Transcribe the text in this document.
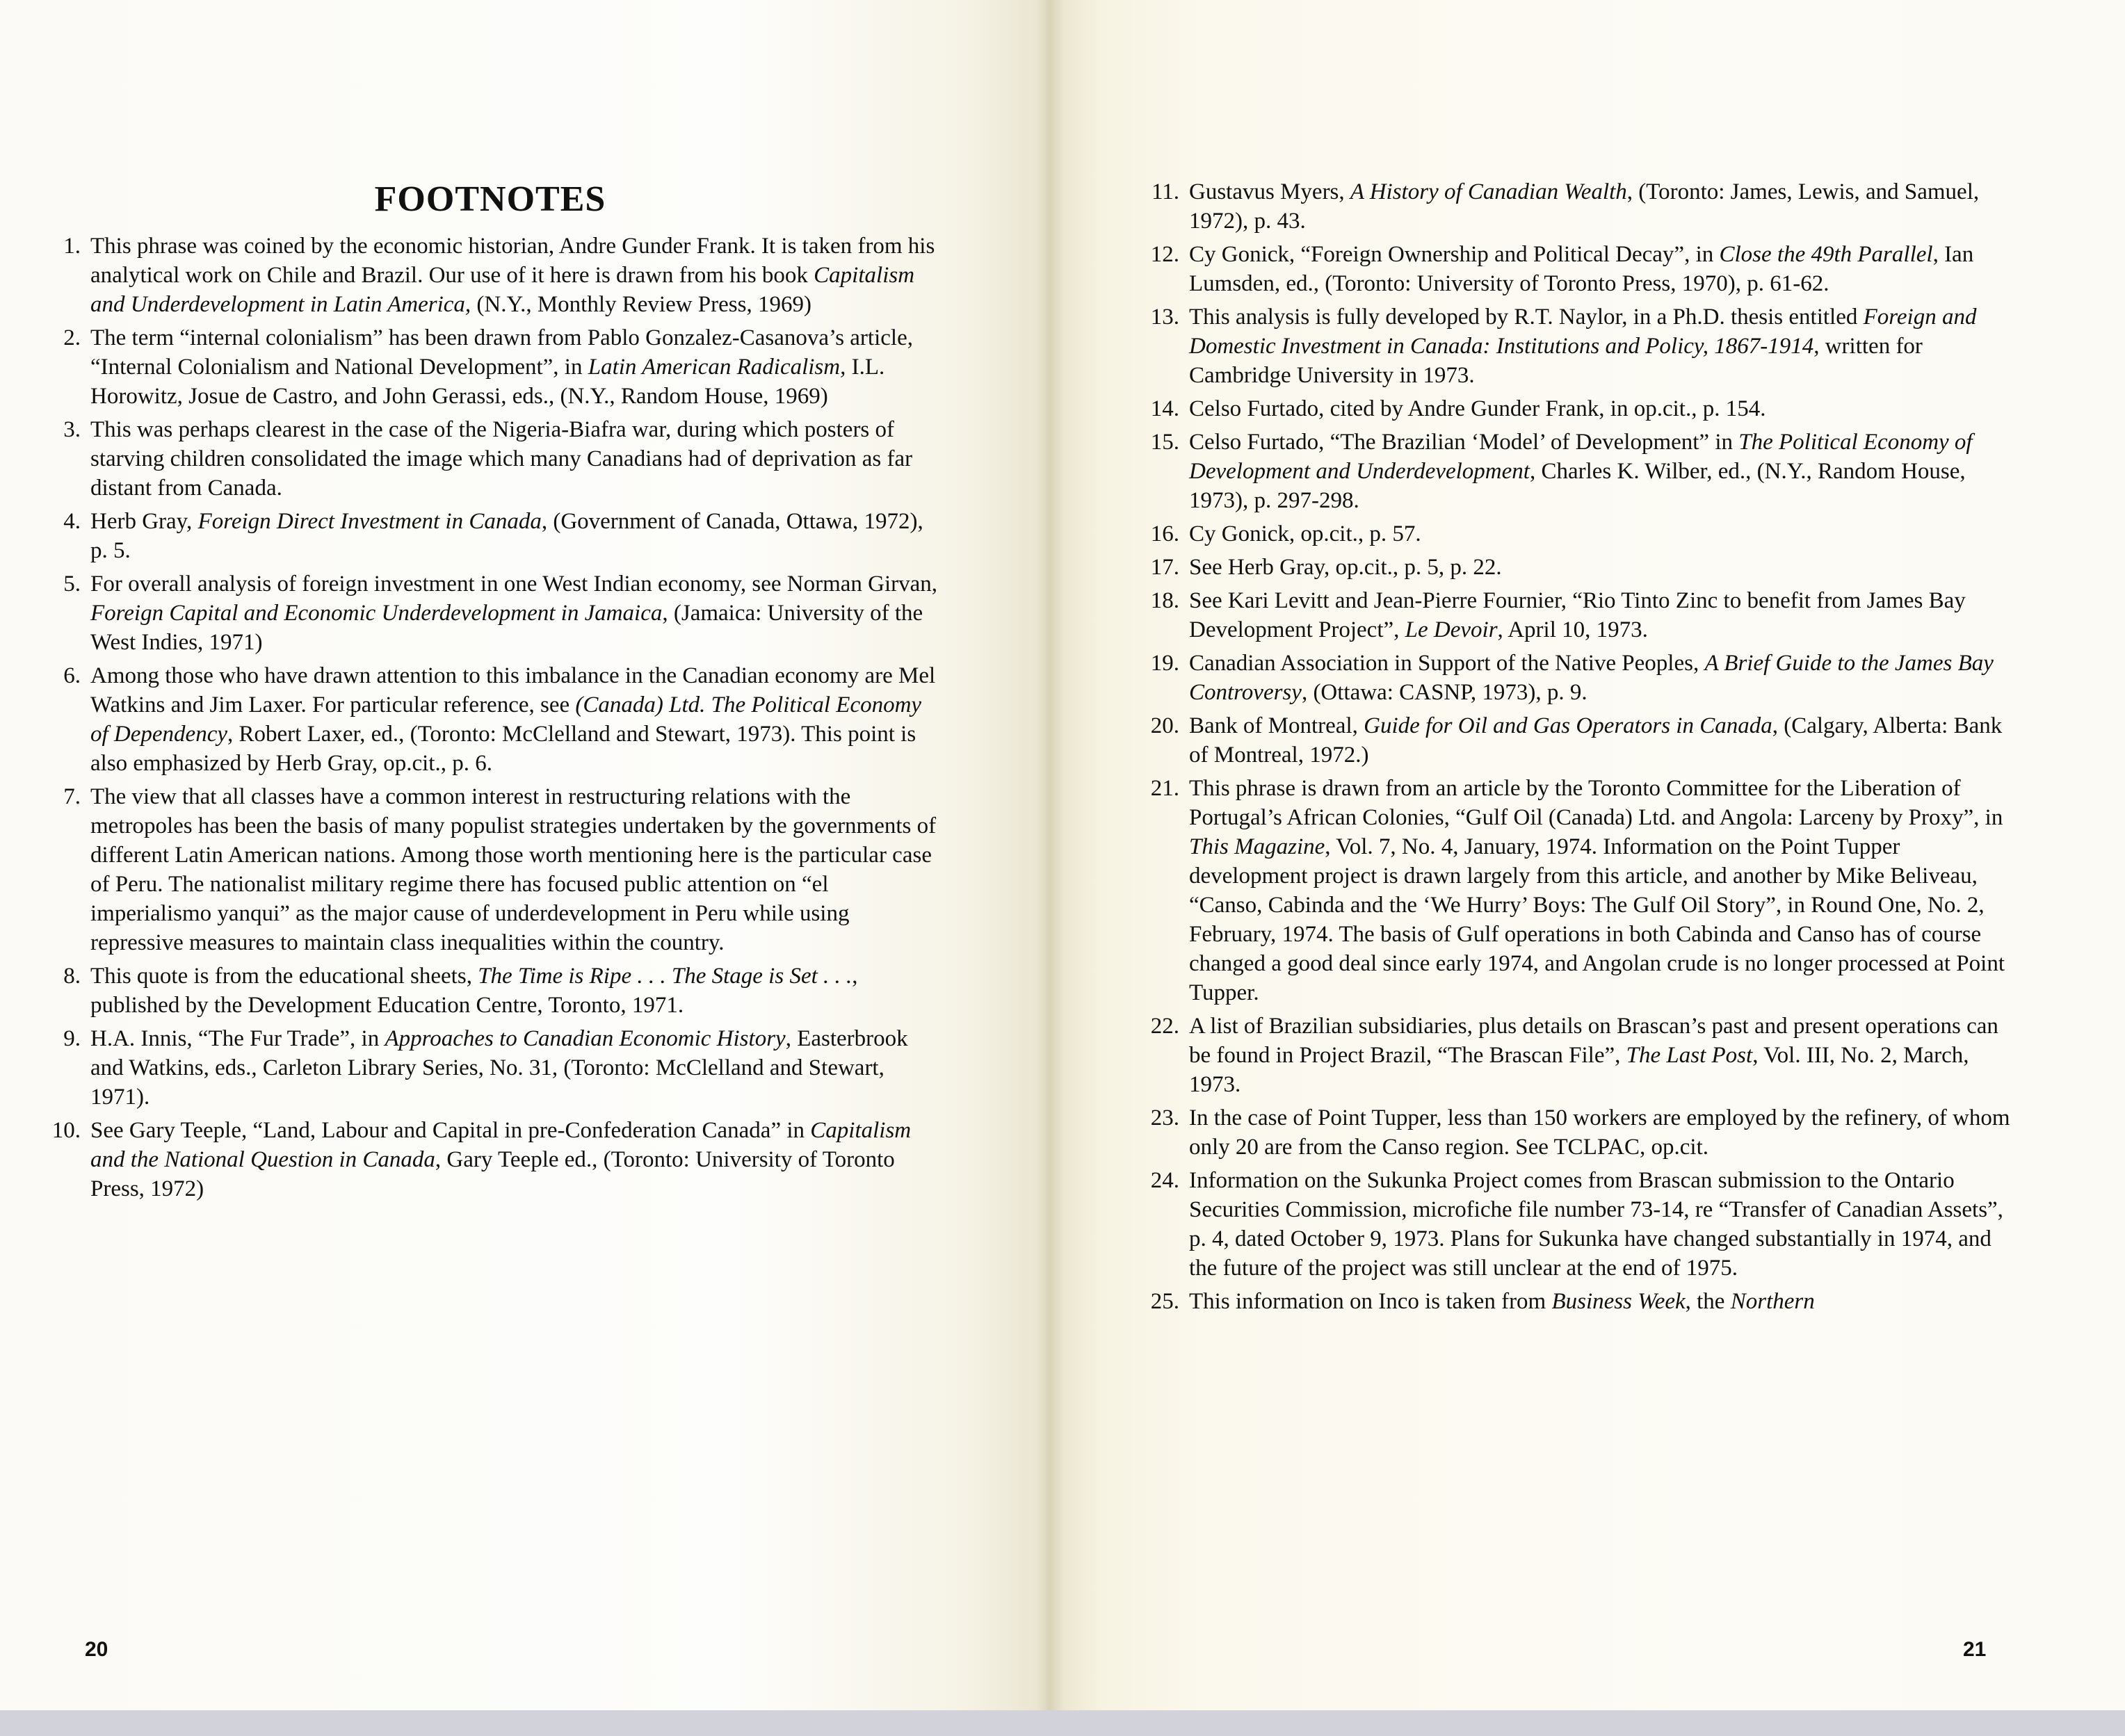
FOOTNOTES
1. This phrase was coined by the economic historian, Andre Gunder Frank. It is taken from his analytical work on Chile and Brazil. Our use of it here is drawn from his book Capitalism and Underdevelopment in Latin America, (N.Y., Monthly Review Press, 1969)
2. The term “internal colonialism” has been drawn from Pablo Gonzalez-Casanova’s article, “Internal Colonialism and National Development”, in Latin American Radicalism, I.L. Horowitz, Josue de Castro, and John Gerassi, eds., (N.Y., Random House, 1969)
3. This was perhaps clearest in the case of the Nigeria-Biafra war, during which posters of starving children consolidated the image which many Canadians had of deprivation as far distant from Canada.
4. Herb Gray, Foreign Direct Investment in Canada, (Government of Canada, Ottawa, 1972), p. 5.
5. For overall analysis of foreign investment in one West Indian economy, see Norman Girvan, Foreign Capital and Economic Underdevelopment in Jamaica, (Jamaica: University of the West Indies, 1971)
6. Among those who have drawn attention to this imbalance in the Canadian economy are Mel Watkins and Jim Laxer. For particular reference, see (Canada) Ltd. The Political Economy of Dependency, Robert Laxer, ed., (Toronto: McClelland and Stewart, 1973). This point is also emphasized by Herb Gray, op.cit., p. 6.
7. The view that all classes have a common interest in restructuring relations with the metropoles has been the basis of many populist strategies undertaken by the governments of different Latin American nations. Among those worth mentioning here is the particular case of Peru. The nationalist military regime there has focused public attention on “el imperialismo yanqui” as the major cause of underdevelopment in Peru while using repressive measures to maintain class inequalities within the country.
8. This quote is from the educational sheets, The Time is Ripe . . . The Stage is Set . . ., published by the Development Education Centre, Toronto, 1971.
9. H.A. Innis, “The Fur Trade”, in Approaches to Canadian Economic History, Easterbrook and Watkins, eds., Carleton Library Series, No. 31, (Toronto: McClelland and Stewart, 1971).
10. See Gary Teeple, “Land, Labour and Capital in pre-Confederation Canada” in Capitalism and the National Question in Canada, Gary Teeple ed., (Toronto: University of Toronto Press, 1972)
20	21
11. Gustavus Myers, A History of Canadian Wealth, (Toronto: James, Lewis, and Samuel, 1972), p. 43.
12. Cy Gonick, “Foreign Ownership and Political Decay”, in Close the 49th Parallel, Ian Lumsden, ed., (Toronto: University of Toronto Press, 1970), p. 61-62.
13. This analysis is fully developed by R.T. Naylor, in a Ph.D. thesis entitled Foreign and Domestic Investment in Canada: Institutions and Policy, 1867-1914, written for Cambridge University in 1973.
14. Celso Furtado, cited by Andre Gunder Frank, in op.cit., p. 154.
15. Celso Furtado, “The Brazilian ‘Model’ of Development” in The Political Economy of Development and Underdevelopment, Charles K. Wilber, ed., (N.Y., Random House, 1973), p. 297-298.
16. Cy Gonick, op.cit., p. 57.
17. See Herb Gray, op.cit., p. 5, p. 22.
18. See Kari Levitt and Jean-Pierre Fournier, “Rio Tinto Zinc to benefit from James Bay Development Project”, Le Devoir, April 10, 1973.
19. Canadian Association in Support of the Native Peoples, A Brief Guide to the James Bay Controversy, (Ottawa: CASNP, 1973), p. 9.
20. Bank of Montreal, Guide for Oil and Gas Operators in Canada, (Calgary, Alberta: Bank of Montreal, 1972.)
21. This phrase is drawn from an article by the Toronto Committee for the Liberation of Portugal’s African Colonies, “Gulf Oil (Canada) Ltd. and Angola: Larceny by Proxy”, in This Magazine, Vol. 7, No. 4, January, 1974. Information on the Point Tupper development project is drawn largely from this article, and another by Mike Beliveau, “Canso, Cabinda and the ‘We Hurry’ Boys: The Gulf Oil Story”, in Round One, No. 2, February, 1974. The basis of Gulf operations in both Cabinda and Canso has of course changed a good deal since early 1974, and Angolan crude is no longer processed at Point Tupper.
22. A list of Brazilian subsidiaries, plus details on Brascan’s past and present operations can be found in Project Brazil, “The Brascan File”, The Last Post, Vol. III, No. 2, March, 1973.
23. In the case of Point Tupper, less than 150 workers are employed by the refinery, of whom only 20 are from the Canso region. See TCLPAC, op.cit.
24. Information on the Sukunka Project comes from Brascan submission to the Ontario Securities Commission, microfiche file number 73-14, re “Transfer of Canadian Assets”, p. 4, dated October 9, 1973. Plans for Sukunka have changed substantially in 1974, and the future of the project was still unclear at the end of 1975.
25. This information on Inco is taken from Business Week, the Northern
